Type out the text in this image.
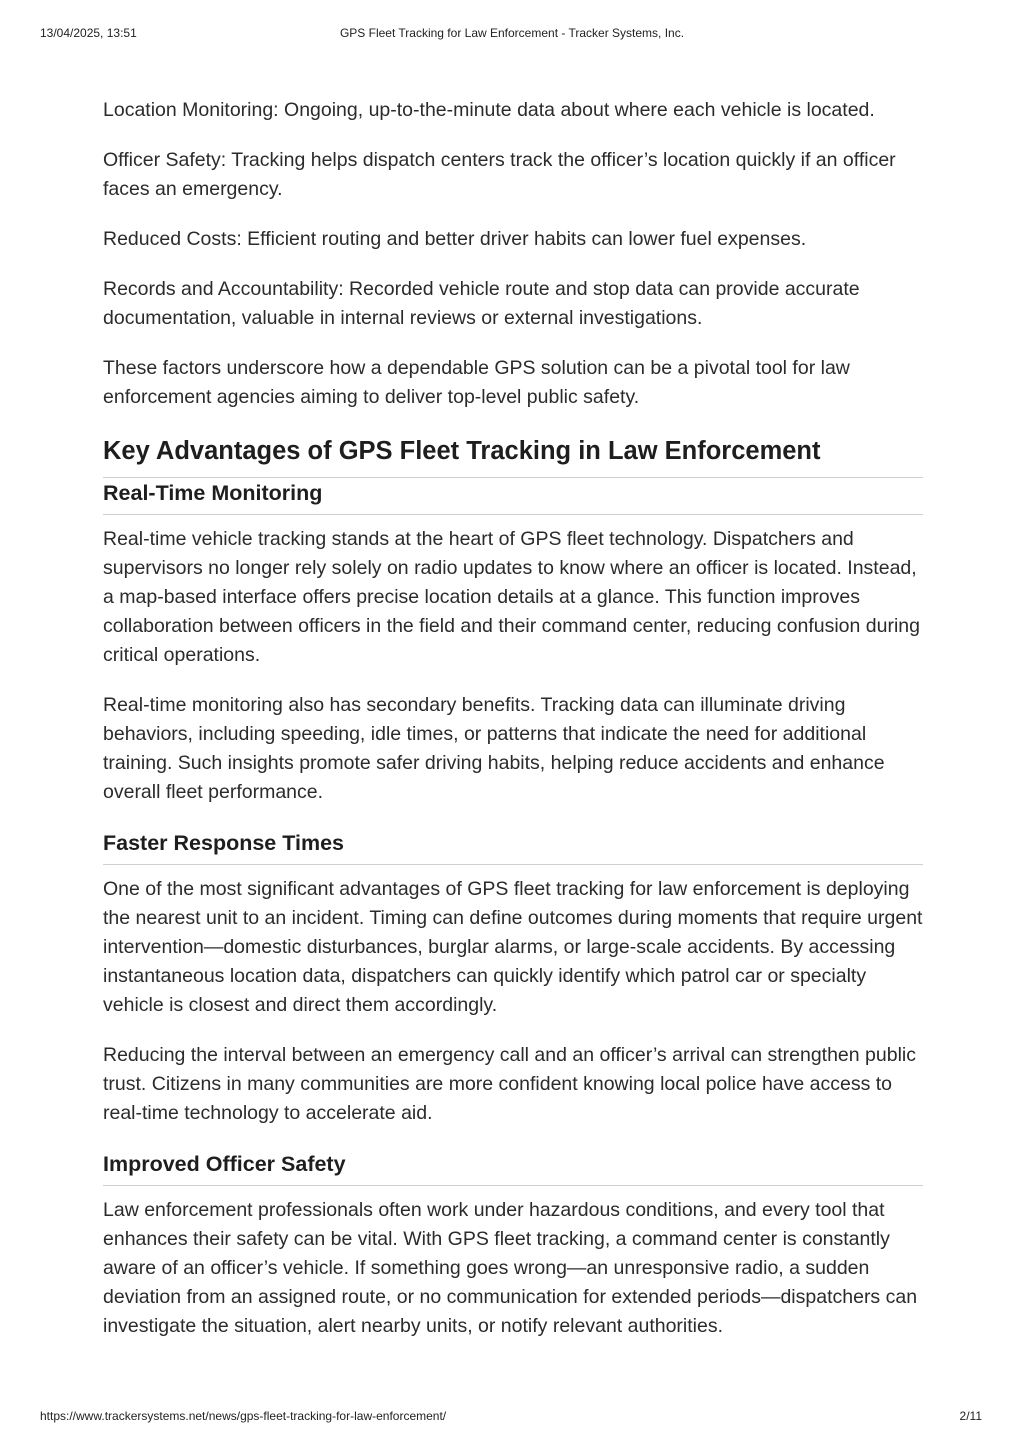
13/04/2025, 13:51	GPS Fleet Tracking for Law Enforcement - Tracker Systems, Inc.

Location Monitoring: Ongoing, up-to-the-minute data about where each vehicle is located.

Officer Safety: Tracking helps dispatch centers track the officer’s location quickly if an officer faces an emergency.

Reduced Costs: Efficient routing and better driver habits can lower fuel expenses.

Records and Accountability: Recorded vehicle route and stop data can provide accurate documentation, valuable in internal reviews or external investigations.

These factors underscore how a dependable GPS solution can be a pivotal tool for law enforcement agencies aiming to deliver top-level public safety.

Key Advantages of GPS Fleet Tracking in Law Enforcement
Real-Time Monitoring

Real-time vehicle tracking stands at the heart of GPS fleet technology. Dispatchers and supervisors no longer rely solely on radio updates to know where an officer is located. Instead, a map-based interface offers precise location details at a glance. This function improves collaboration between officers in the field and their command center, reducing confusion during critical operations.

Real-time monitoring also has secondary benefits. Tracking data can illuminate driving behaviors, including speeding, idle times, or patterns that indicate the need for additional training. Such insights promote safer driving habits, helping reduce accidents and enhance overall fleet performance.

Faster Response Times

One of the most significant advantages of GPS fleet tracking for law enforcement is deploying the nearest unit to an incident. Timing can define outcomes during moments that require urgent intervention—domestic disturbances, burglar alarms, or large-scale accidents. By accessing instantaneous location data, dispatchers can quickly identify which patrol car or specialty vehicle is closest and direct them accordingly.

Reducing the interval between an emergency call and an officer’s arrival can strengthen public trust. Citizens in many communities are more confident knowing local police have access to real-time technology to accelerate aid.

Improved Officer Safety

Law enforcement professionals often work under hazardous conditions, and every tool that enhances their safety can be vital. With GPS fleet tracking, a command center is constantly aware of an officer’s vehicle. If something goes wrong—an unresponsive radio, a sudden deviation from an assigned route, or no communication for extended periods—dispatchers can investigate the situation, alert nearby units, or notify relevant authorities.

https://www.trackersystems.net/news/gps-fleet-tracking-for-law-enforcement/	2/11
